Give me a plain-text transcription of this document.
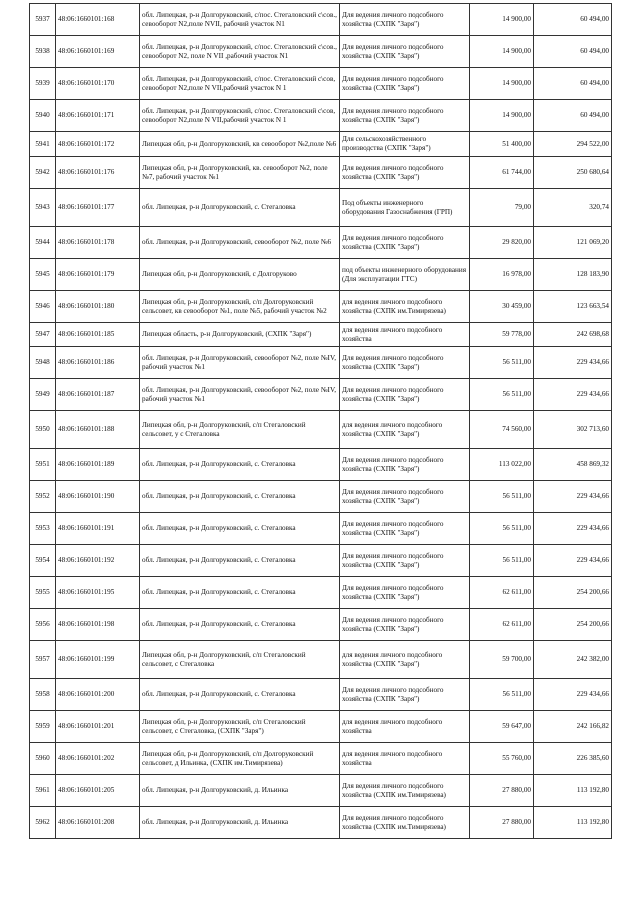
5937	48:06:1660101:168	обл. Липецкая, р-н Долгоруковский, с/пос. Стегаловский с\сов., севооборот N2,поле NVII, рабочий участок N1	Для ведения личного подсобного хозяйства (СХПК "Заря")	14 900,00	60 494,00
5938	48:06:1660101:169	обл. Липецкая, р-н Долгоруковский, с/пос. Стегаловский с\сов., севооборот N2, поле N VII ,рабочий участок N1	Для ведения личного подсобного хозяйства (СХПК "Заря")	14 900,00	60 494,00
5939	48:06:1660101:170	обл. Липецкая, р-н Долгоруковский, с/пос. Стегаловский с\сов, севооборот N2,поле N VII,рабочий участок N 1	Для ведения личного подсобного хозяйства (СХПК "Заря")	14 900,00	60 494,00
5940	48:06:1660101:171	обл. Липецкая, р-н Долгоруковский, с/пос. Стегаловский с\сов, севооборот N2,поле N VII,рабочий участок N 1	Для ведения личного подсобного хозяйства (СХПК "Заря")	14 900,00	60 494,00
5941	48:06:1660101:172	Липецкая обл, р-н Долгоруковский, кв севооборот №2,поле №6	Для сельскохозяйственного производства (СХПК "Заря")	51 400,00	294 522,00
5942	48:06:1660101:176	Липецкая обл, р-н Долгоруковский, кв. севооборот №2, поле №7, рабочий участок №1	Для ведения личного подсобного хозяйства (СХПК "Заря")	61 744,00	250 680,64
5943	48:06:1660101:177	обл. Липецкая, р-н Долгоруковский, с. Стегаловка	Под объекты инженерного оборудования Газоснабжения (ГРП)	79,00	320,74
5944	48:06:1660101:178	обл. Липецкая, р-н Долгоруковский, севооборот №2, поле №6	Для ведения личного подсобного хозяйства (СХПК "Заря")	29 820,00	121 069,20
5945	48:06:1660101:179	Липецкая обл, р-н Долгоруковский, с Долгоруково	под объекты инженерного оборудования (Для эксплуатации ГТС)	16 978,00	128 183,90
5946	48:06:1660101:180	Липецкая обл, р-н Долгоруковский, с/п Долгоруковский сельсовет, кв севооборот №1, поле №5, рабочий участок №2	для ведения личного подсобного хозяйства (СХПК им.Тимирязева)	30 459,00	123 663,54
5947	48:06:1660101:185	Липецкая область, р-н Долгоруковский, (СХПК "Заря")	для ведения личного подсобного хозяйства	59 778,00	242 698,68
5948	48:06:1660101:186	обл. Липецкая, р-н Долгоруковский, севооборот №2, поле №IV, рабочий участок №1	Для ведения личного подсобного хозяйства (СХПК "Заря")	56 511,00	229 434,66
5949	48:06:1660101:187	обл. Липецкая, р-н Долгоруковский, севооборот №2, поле №IV, рабочий участок №1	Для ведения личного подсобного хозяйства (СХПК "Заря")	56 511,00	229 434,66
5950	48:06:1660101:188	Липецкая обл, р-н Долгоруковский, с/п Стегаловский сельсовет, у с Стегаловка	для ведения личного подсобного хозяйства (СХПК "Заря")	74 560,00	302 713,60
5951	48:06:1660101:189	обл. Липецкая, р-н Долгоруковский, с. Стегаловка	Для ведения личного подсобного хозяйства (СХПК "Заря")	113 022,00	458 869,32
5952	48:06:1660101:190	обл. Липецкая, р-н Долгоруковский, с. Стегаловка	Для ведения личного подсобного хозяйства (СХПК "Заря")	56 511,00	229 434,66
5953	48:06:1660101:191	обл. Липецкая, р-н Долгоруковский, с. Стегаловка	Для ведения личного подсобного хозяйства (СХПК "Заря")	56 511,00	229 434,66
5954	48:06:1660101:192	обл. Липецкая, р-н Долгоруковский, с. Стегаловка	Для ведения личного подсобного хозяйства (СХПК "Заря")	56 511,00	229 434,66
5955	48:06:1660101:195	обл. Липецкая, р-н Долгоруковский, с. Стегаловка	Для ведения личного подсобного хозяйства (СХПК "Заря")	62 611,00	254 200,66
5956	48:06:1660101:198	обл. Липецкая, р-н Долгоруковский, с. Стегаловка	Для ведения личного подсобного хозяйства (СХПК "Заря")	62 611,00	254 200,66
5957	48:06:1660101:199	Липецкая обл, р-н Долгоруковский, с/п Стегаловский сельсовет, с Стегаловка	для ведения личного подсобного хозяйства (СХПК "Заря")	59 700,00	242 382,00
5958	48:06:1660101:200	обл. Липецкая, р-н Долгоруковский, с. Стегаловка	Для ведения личного подсобного хозяйства (СХПК "Заря")	56 511,00	229 434,66
5959	48:06:1660101:201	Липецкая обл, р-н Долгоруковский, с/п Стегаловский сельсовет, с Стегаловка, (СХПК "Заря")	для ведения личного подсобного хозяйства	59 647,00	242 166,82
5960	48:06:1660101:202	Липецкая обл, р-н Долгоруковский, с/п Долгоруковский сельсовет, д Ильинка, (СХПК им.Тимирязева)	для ведения личного подсобного хозяйства	55 760,00	226 385,60
5961	48:06:1660101:205	обл. Липецкая, р-н Долгоруковский, д. Ильинка	Для ведения личного подсобного хозяйства (СХПК им.Тимирязева)	27 880,00	113 192,80
5962	48:06:1660101:208	обл. Липецкая, р-н Долгоруковский, д. Ильинка	Для ведения личного подсобного хозяйства (СХПК им.Тимирязева)	27 880,00	113 192,80
